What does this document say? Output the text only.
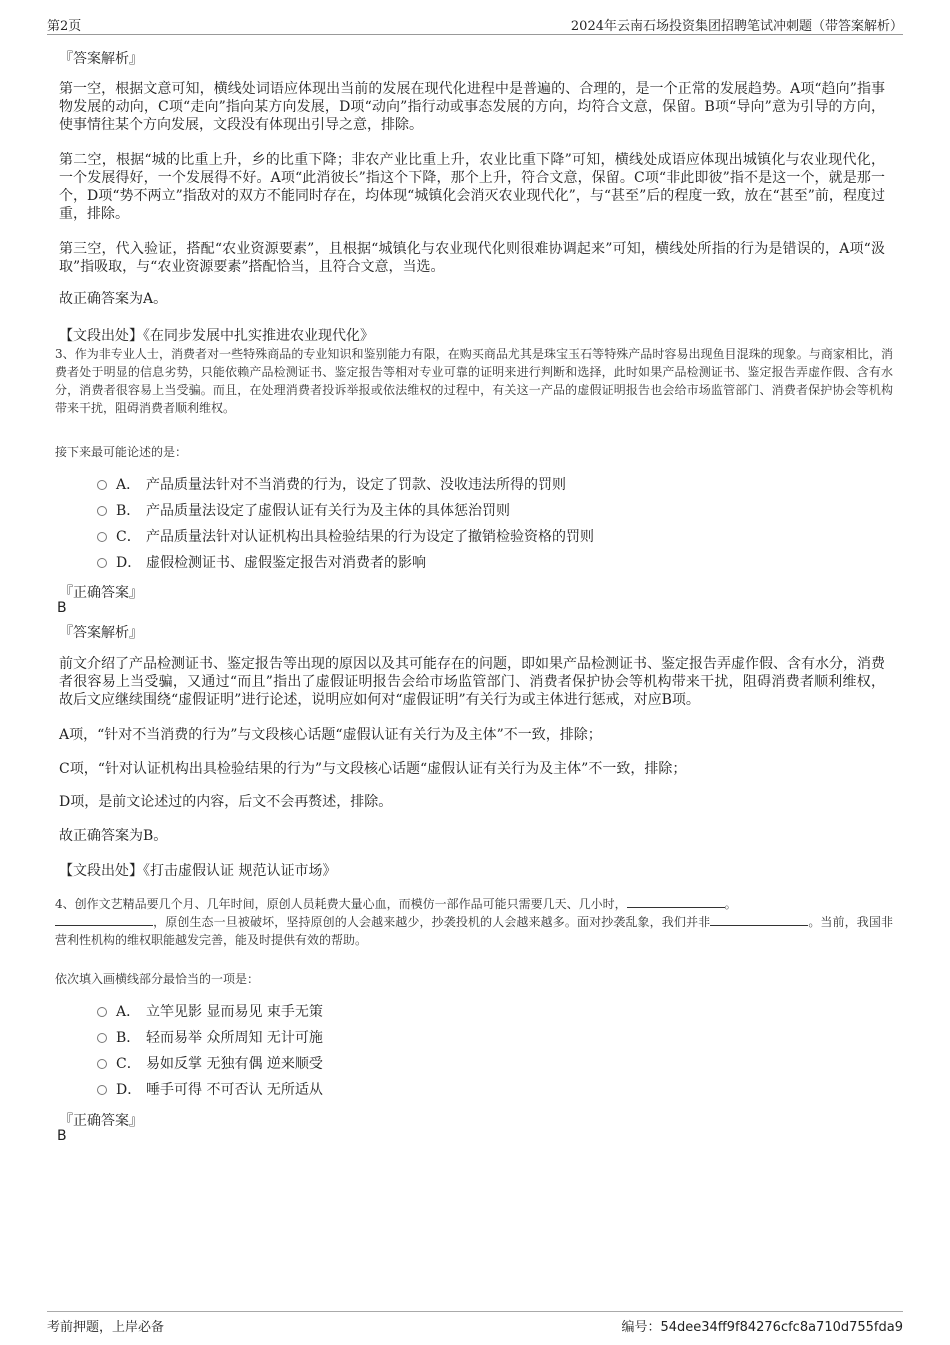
第2页	2024年云南石场投资集团招聘笔试冲刺题（带答案解析）
『答案解析』
第一空，根据文意可知，横线处词语应体现出当前的发展在现代化进程中是普遍的、合理的，是一个正常的发展趋势。A项“趋向”指事物发展的动向，C项“走向”指向某方向发展，D项“动向”指行动或事态发展的方向，均符合文意，保留。B项“导向”意为引导的方向，使事情往某个方向发展，文段没有体现出引导之意，排除。
第二空，根据“城的比重上升，乡的比重下降；非农产业比重上升，农业比重下降”可知，横线处成语应体现出城镇化与农业现代化，一个发展得好，一个发展得不好。A项“此消彼长”指这个下降，那个上升，符合文意，保留。C项“非此即彼”指不是这一个，就是那一个，D项“势不两立”指敌对的双方不能同时存在，均体现“城镇化会消灭农业现代化”，与“甚至”后的程度一致，放在“甚至”前，程度过重，排除。
第三空，代入验证，搭配“农业资源要素”，且根据“城镇化与农业现代化则很难协调起来”可知，横线处所指的行为是错误的，A项“汲取”指吸取，与“农业资源要素”搭配恰当，且符合文意，当选。
故正确答案为A。
【文段出处】《在同步发展中扎实推进农业现代化》
3、作为非专业人士，消费者对一些特殊商品的专业知识和鉴别能力有限，在购买商品尤其是珠宝玉石等特殊产品时容易出现鱼目混珠的现象。与商家相比，消费者处于明显的信息劣势，只能依赖产品检测证书、鉴定报告等相对专业可靠的证明来进行判断和选择，此时如果产品检测证书、鉴定报告弄虚作假、含有水分，消费者很容易上当受骗。而且，在处理消费者投诉举报或依法维权的过程中，有关这一产品的虚假证明报告也会给市场监管部门、消费者保护协会等机构带来干扰，阻碍消费者顺利维权。
接下来最可能论述的是：
A． 产品质量法针对不当消费的行为，设定了罚款、没收违法所得的罚则
B． 产品质量法设定了虚假认证有关行为及主体的具体惩治罚则
C． 产品质量法针对认证机构出具检验结果的行为设定了撤销检验资格的罚则
D． 虚假检测证书、虚假鉴定报告对消费者的影响
『正确答案』
B
『答案解析』
前文介绍了产品检测证书、鉴定报告等出现的原因以及其可能存在的问题，即如果产品检测证书、鉴定报告弄虚作假、含有水分，消费者很容易上当受骗，又通过“而且”指出了虚假证明报告会给市场监管部门、消费者保护协会等机构带来干扰，阻碍消费者顺利维权，故后文应继续围绕“虚假证明”进行论述，说明应如何对“虚假证明”有关行为或主体进行惩戒，对应B项。
A项，“针对不当消费的行为”与文段核心话题“虚假认证有关行为及主体”不一致，排除；
C项，“针对认证机构出具检验结果的行为”与文段核心话题“虚假认证有关行为及主体”不一致，排除；
D项，是前文论述过的内容，后文不会再赘述，排除。
故正确答案为B。
【文段出处】《打击虚假认证 规范认证市场》
4、创作文艺精品要几个月、几年时间，原创人员耗费大量心血，而模仿一部作品可能只需要几天、几小时，	。
，原创生态一旦被破坏，坚持原创的人会越来越少，抄袭投机的人会越来越多。面对抄袭乱象，我们并非	。当前，我国非营利性机构的维权职能越发完善，能及时提供有效的帮助。
依次填入画横线部分最恰当的一项是：
A． 立竿见影 显而易见 束手无策
B． 轻而易举 众所周知 无计可施
C． 易如反掌 无独有偶 逆来顺受
D． 唾手可得 不可否认 无所适从
『正确答案』
B
考前押题，上岸必备	编号：54dee34ff9f84276cfc8a710d755fda9
